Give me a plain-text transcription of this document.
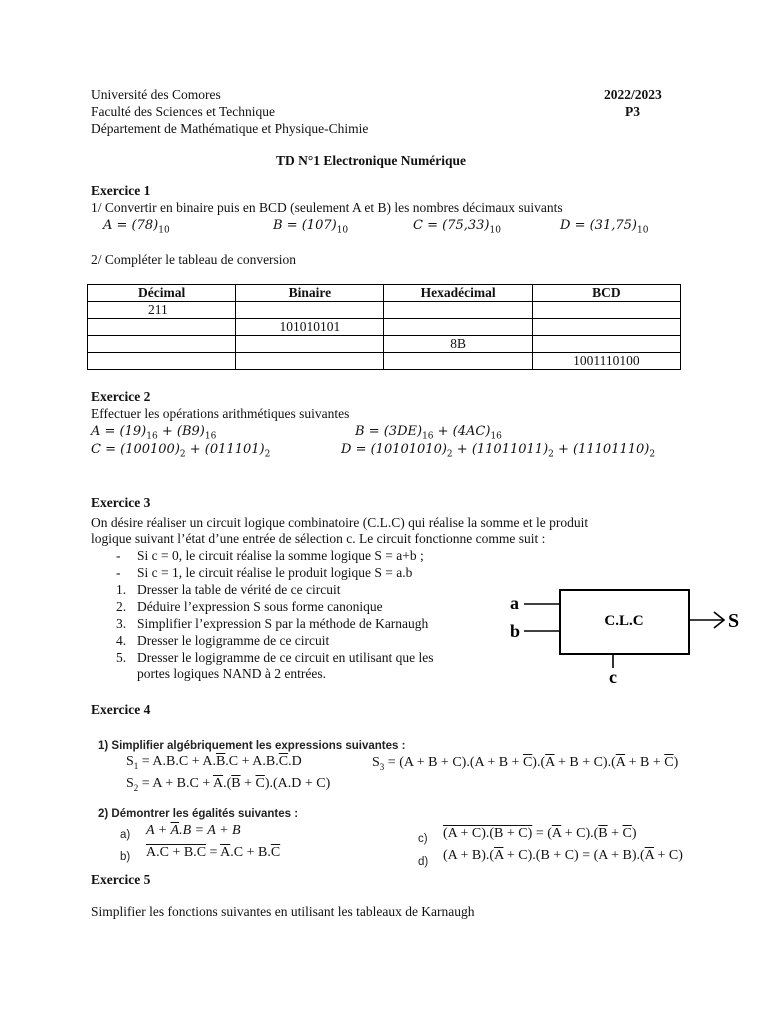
Université des Comores
Faculté des Sciences et Technique
Département de Mathématique et Physique-Chimie
2022/2023
P3
TD N°1 Electronique Numérique
Exercice 1
1/ Convertir en binaire puis en BCD (seulement A et B) les nombres décimaux suivants
$A = (78)_{10}$	$B = (107)_{10}$	$C = (75,33)_{10}$	$D = (31,75)_{10}$
2/ Compléter le tableau de conversion
Décimal	Binaire	Hexadécimal	BCD
211			
	101010101		
		8B	
			1001110100
Exercice 2
Effectuer les opérations arithmétiques suivantes
$A = (19)_{16} + (B9)_{16}$	$B = (3DE)_{16} + (4AC)_{16}$
$C = (100100)_2 + (011101)_2$	$D = (10101010)_2 + (11011011)_2 + (11101110)_2$
Exercice 3
On désire réaliser un circuit logique combinatoire (C.L.C) qui réalise la somme et le produit
logique suivant l’état d’une entrée de sélection c. Le circuit fonctionne comme suit :
- Si c = 0, le circuit réalise la somme logique S = a+b ;
- Si c = 1, le circuit réalise le produit logique S = a.b
1. Dresser la table de vérité de ce circuit
2. Déduire l’expression S sous forme canonique
3. Simplifier l’expression S par la méthode de Karnaugh
4. Dresser le logigramme de ce circuit
5. Dresser le logigramme de ce circuit en utilisant que les
portes logiques NAND à 2 entrées.
C.L.C
a
b	S
c
Exercice 4
1) Simplifier algébriquement les expressions suivantes :
$S_1 = A.B.C + A.\overline{B}.C + A.B.\overline{C}.D$
$S_2 = A + B.C + \overline{A}.(\overline{B} + \overline{C}).(A.D + C)$
$S_3 = (A + B + C).(A + B + \overline{C}).(\overline{A} + B + C).(\overline{A} + B + \overline{C})$
2) Démontrer les égalités suivantes :
a) $A + \overline{A}.B = A + B$
b) $A.C + B.C = \overline{A}.C + B.\overline{C}$
c) $(A + C).(B + C) = (\overline{A} + C).(\overline{B} + \overline{C})$
d) $(A + B).(\overline{A} + C).(B + C) = (A + B).(\overline{A} + C)$
Exercice 5
Simplifier les fonctions suivantes en utilisant les tableaux de Karnaugh
